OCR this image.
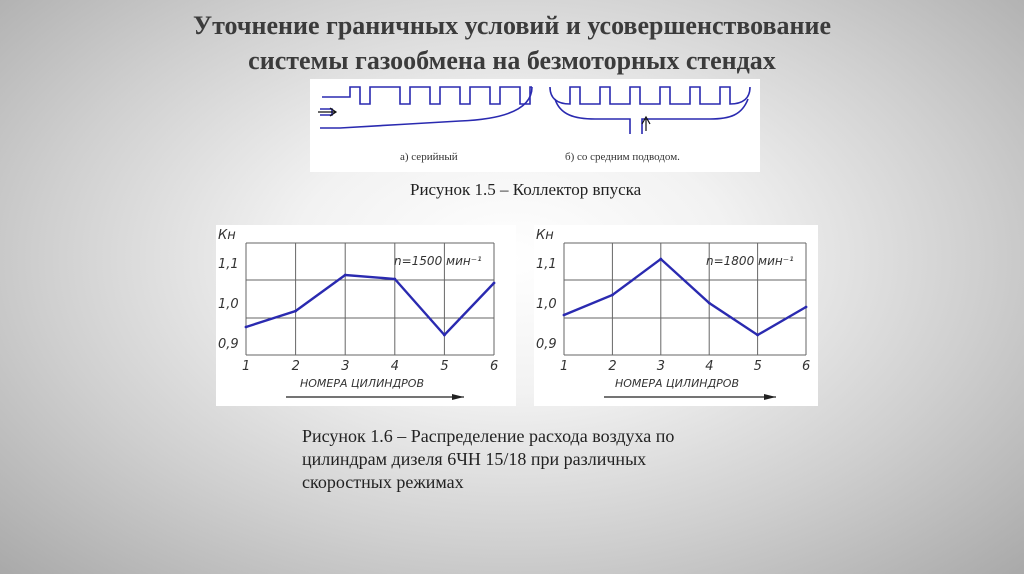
Уточнение граничных условий и усовершенствование
системы газообмена на безмоторных стендах
а) серийный	б) со средним подводом.
Рисунок 1.5 – Коллектор впуска
0,9
1,0
1,1
Кн
1	2	3	4	5	6
НОМЕРА ЦИЛИНДРОВ
n=1500 мин⁻¹
0,9
1,0
1,1
Кн
1	2	3	4	5	6
НОМЕРА ЦИЛИНДРОВ
n=1800 мин⁻¹
Рисунок 1.6 – Распределение расхода воздуха по
цилиндрам дизеля 6ЧН 15/18 при различных
скоростных режимах
